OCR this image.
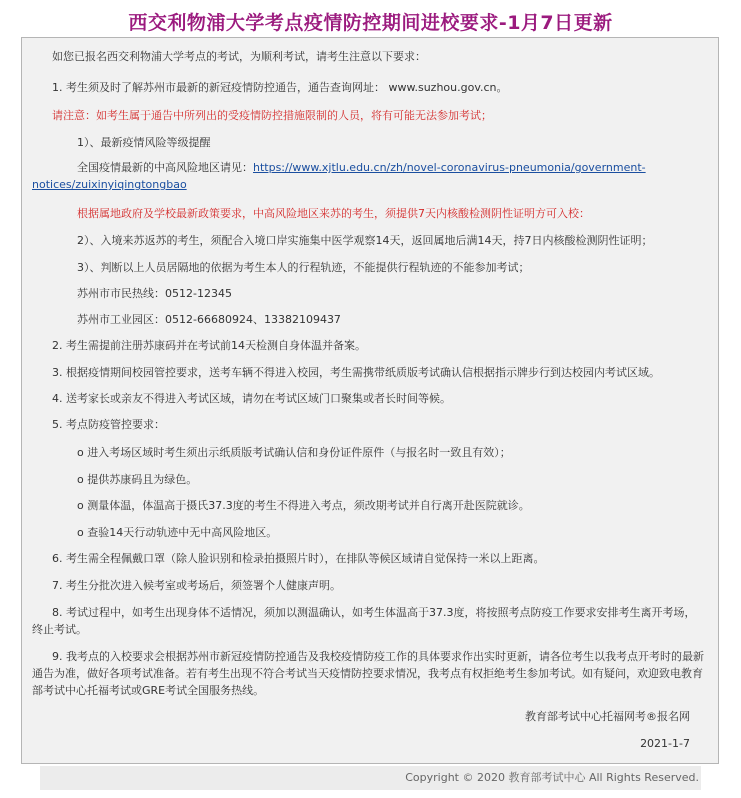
西交利物浦大学考点疫情防控期间进校要求-1月7日更新
如您已报名西交利物浦大学考点的考试，为顺利考试，请考生注意以下要求：
1. 考生须及时了解苏州市最新的新冠疫情防控通告，通告查询网址： www.suzhou.gov.cn。
请注意：如考生属于通告中所列出的受疫情防控措施限制的人员，将有可能无法参加考试；
1）、最新疫情风险等级提醒
全国疫情最新的中高风险地区请见：https://www.xjtlu.edu.cn/zh/novel-coronavirus-pneumonia/government-notices/zuixinyiqingtongbao
根据属地政府及学校最新政策要求，中高风险地区来苏的考生，须提供7天内核酸检测阴性证明方可入校：
2）、入境来苏返苏的考生，须配合入境口岸实施集中医学观察14天，返回属地后满14天，持7日内核酸检测阴性证明；
3）、判断以上人员居隔地的依据为考生本人的行程轨迹，不能提供行程轨迹的不能参加考试；
苏州市市民热线：0512-12345
苏州市工业园区：0512-66680924、13382109437
2. 考生需提前注册苏康码并在考试前14天检测自身体温并备案。
3. 根据疫情期间校园管控要求，送考车辆不得进入校园，考生需携带纸质版考试确认信根据指示牌步行到达校园内考试区域。
4. 送考家长或亲友不得进入考试区域，请勿在考试区域门口聚集或者长时间等候。
5. 考点防疫管控要求：
o 进入考场区域时考生须出示纸质版考试确认信和身份证件原件（与报名时一致且有效）；
o 提供苏康码且为绿色。
o 测量体温，体温高于摄氏37.3度的考生不得进入考点，须改期考试并自行离开赴医院就诊。
o 查验14天行动轨迹中无中高风险地区。
6. 考生需全程佩戴口罩（除人脸识别和检录拍摄照片时），在排队等候区域请自觉保持一米以上距离。
7. 考生分批次进入候考室或考场后，须签署个人健康声明。
8. 考试过程中，如考生出现身体不适情况，须加以测温确认，如考生体温高于37.3度，将按照考点防疫工作要求安排考生离开考场，终止考试。
9. 我考点的入校要求会根据苏州市新冠疫情防控通告及我校疫情防疫工作的具体要求作出实时更新，请各位考生以我考点开考时的最新通告为准，做好各项考试准备。若有考生出现不符合考试当天疫情防控要求情况，我考点有权拒绝考生参加考试。如有疑问，欢迎致电教育部考试中心托福考试或GRE考试全国服务热线。
教育部考试中心托福网考®报名网
2021-1-7
Copyright © 2020 教育部考试中心 All Rights Reserved.
